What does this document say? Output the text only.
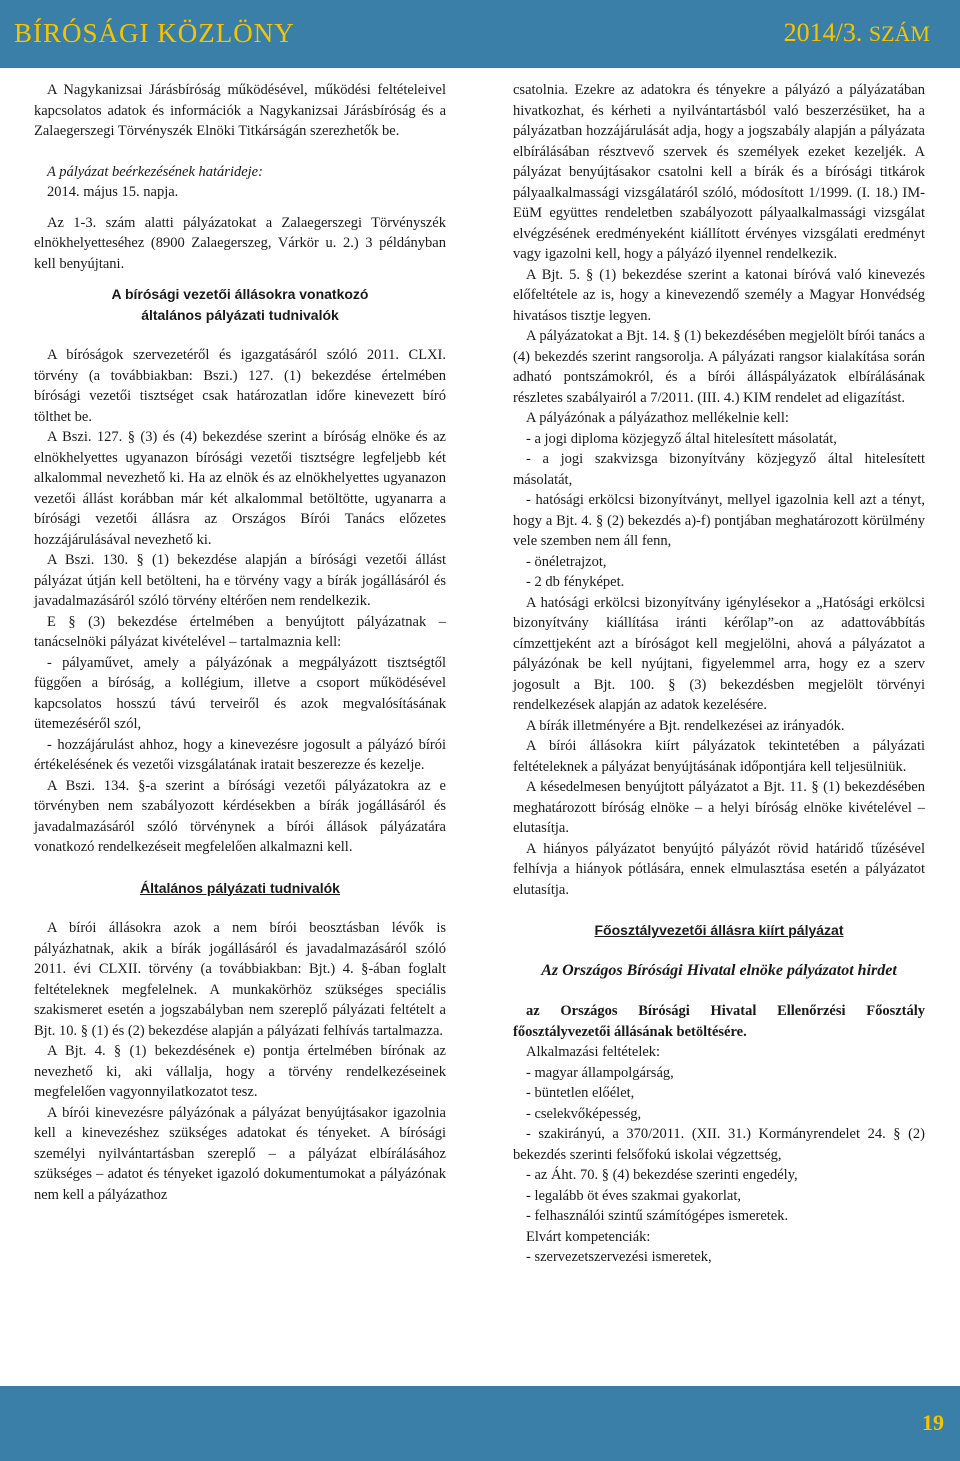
BÍRÓSÁGI KÖZLÖNY	2014/3. SZÁM

A Nagykanizsai Járásbíróság működésével, működési feltételeivel kapcsolatos adatok és információk a Nagykanizsai Járásbíróság és a Zalaegerszegi Törvényszék Elnöki Titkárságán szerezhetők be.

A pályázat beérkezésének határideje:

2014. május 15. napja.

Az 1-3. szám alatti pályázatokat a Zalaegerszegi Törvényszék elnökhelyetteséhez (8900 Zalaegerszeg, Várkör u. 2.) 3 példányban kell benyújtani.

A bírósági vezetői állásokra vonatkozó

általános pályázati tudnivalók

A bíróságok szervezetéről és igazgatásáról szóló 2011. CLXI. törvény (a továbbiakban: Bszi.) 127. (1) bekezdése értelmében bírósági vezetői tisztséget csak határozatlan időre kinevezett bíró tölthet be.

A Bszi. 127. § (3) és (4) bekezdése szerint a bíróság elnöke és az elnökhelyettes ugyanazon bírósági vezetői tisztségre legfeljebb két alkalommal nevezhető ki. Ha az elnök és az elnökhelyettes ugyanazon vezetői állást korábban már két alkalommal betöltötte, ugyanarra a bírósági vezetői állásra az Országos Bírói Tanács előzetes hozzájárulásával nevezhető ki.

A Bszi. 130. § (1) bekezdése alapján a bírósági vezetői állást pályázat útján kell betölteni, ha e törvény vagy a bírák jogállásáról és javadalmazásáról szóló törvény eltérően nem rendelkezik.

E § (3) bekezdése értelmében a benyújtott pályázatnak – tanácselnöki pályázat kivételével – tartalmaznia kell:

- pályaművet, amely a pályázónak a megpályázott tisztségtől függően a bíróság, a kollégium, illetve a csoport működésével kapcsolatos hosszú távú terveiről és azok megvalósításának ütemezéséről szól,

- hozzájárulást ahhoz, hogy a kinevezésre jogosult a pályázó bírói értékelésének és vezetői vizsgálatának iratait beszerezze és kezelje.

A Bszi. 134. §-a szerint a bírósági vezetői pályázatokra az e törvényben nem szabályozott kérdésekben a bírák jogállásáról és javadalmazásáról szóló törvénynek a bírói állások pályázatára vonatkozó rendelkezéseit megfelelően alkalmazni kell.

Általános pályázati tudnivalók

A bírói állásokra azok a nem bírói beosztásban lévők is pályázhatnak, akik a bírák jogállásáról és javadalmazásáról szóló 2011. évi CLXII. törvény (a továbbiakban: Bjt.) 4. §-ában foglalt feltételeknek megfelelnek. A munkakörhöz szükséges speciális szakismeret esetén a jogszabályban nem szereplő pályázati feltételt a Bjt. 10. § (1) és (2) bekezdése alapján a pályázati felhívás tartalmazza.

A Bjt. 4. § (1) bekezdésének e) pontja értelmében bírónak az nevezhető ki, aki vállalja, hogy a törvény rendelkezéseinek megfelelően vagyonnyilatkozatot tesz.

A bírói kinevezésre pályázónak a pályázat benyújtásakor igazolnia kell a kinevezéshez szükséges adatokat és tényeket. A bírósági személyi nyilvántartásban szereplő – a pályázat elbírálásához szükséges – adatot és tényeket igazoló dokumentumokat a pályázónak nem kell a pályázathoz

csatolnia. Ezekre az adatokra és tényekre a pályázó a pályázatában hivatkozhat, és kérheti a nyilvántartásból való beszerzésüket, ha a pályázatban hozzájárulását adja, hogy a jogszabály alapján a pályázata elbírálásában résztvevő szervek és személyek ezeket kezeljék. A pályázat benyújtásakor csatolni kell a bírák és a bírósági titkárok pályaalkalmassági vizsgálatáról szóló, módosított 1/1999. (I. 18.) IM-EüM együttes rendeletben szabályozott pályaalkalmassági vizsgálat elvégzésének eredményeként kiállított érvényes vizsgálati eredményt vagy igazolni kell, hogy a pályázó ilyennel rendelkezik.

A Bjt. 5. § (1) bekezdése szerint a katonai bíróvá való kinevezés előfeltétele az is, hogy a kinevezendő személy a Magyar Honvédség hivatásos tisztje legyen.

A pályázatokat a Bjt. 14. § (1) bekezdésében megjelölt bírói tanács a (4) bekezdés szerint rangsorolja. A pályázati rangsor kialakítása során adható pontszámokról, és a bírói álláspályázatok elbírálásának részletes szabályairól a 7/2011. (III. 4.) KIM rendelet ad eligazítást.

A pályázónak a pályázathoz mellékelnie kell:

- a jogi diploma közjegyző által hitelesített másolatát,

- a jogi szakvizsga bizonyítvány közjegyző által hitelesített másolatát,

- hatósági erkölcsi bizonyítványt, mellyel igazolnia kell azt a tényt, hogy a Bjt. 4. § (2) bekezdés a)-f) pontjában meghatározott körülmény vele szemben nem áll fenn,

- önéletrajzot,

- 2 db fényképet.

A hatósági erkölcsi bizonyítvány igénylésekor a „Hatósági erkölcsi bizonyítvány kiállítása iránti kérőlap”-on az adattovábbítás címzettjeként azt a bíróságot kell megjelölni, ahová a pályázatot a pályázónak be kell nyújtani, figyelemmel arra, hogy ez a szerv jogosult a Bjt. 100. § (3) bekezdésben megjelölt törvényi rendelkezések alapján az adatok kezelésére.

A bírák illetményére a Bjt. rendelkezései az irányadók.

A bírói állásokra kiírt pályázatok tekintetében a pályázati feltételeknek a pályázat benyújtásának időpontjára kell teljesülniük.

A késedelmesen benyújtott pályázatot a Bjt. 11. § (1) bekezdésében meghatározott bíróság elnöke – a helyi bíróság elnöke kivételével – elutasítja.

A hiányos pályázatot benyújtó pályázót rövid határidő tűzésével felhívja a hiányok pótlására, ennek elmulasztása esetén a pályázatot elutasítja.

Főosztályvezetői állásra kiírt pályázat

Az Országos Bírósági Hivatal elnöke pályázatot hirdet

az Országos Bírósági Hivatal Ellenőrzési Főosztály főosztályvezetői állásának betöltésére.

Alkalmazási feltételek:

- magyar állampolgárság,

- büntetlen előélet,

- cselekvőképesség,

- szakirányú, a 370/2011. (XII. 31.) Kormányrendelet 24. § (2) bekezdés szerinti felsőfokú iskolai végzettség,

- az Áht. 70. § (4) bekezdése szerinti engedély,

- legalább öt éves szakmai gyakorlat,

- felhasználói szintű számítógépes ismeretek.

Elvárt kompetenciák:

- szervezetszervezési ismeretek,

19
